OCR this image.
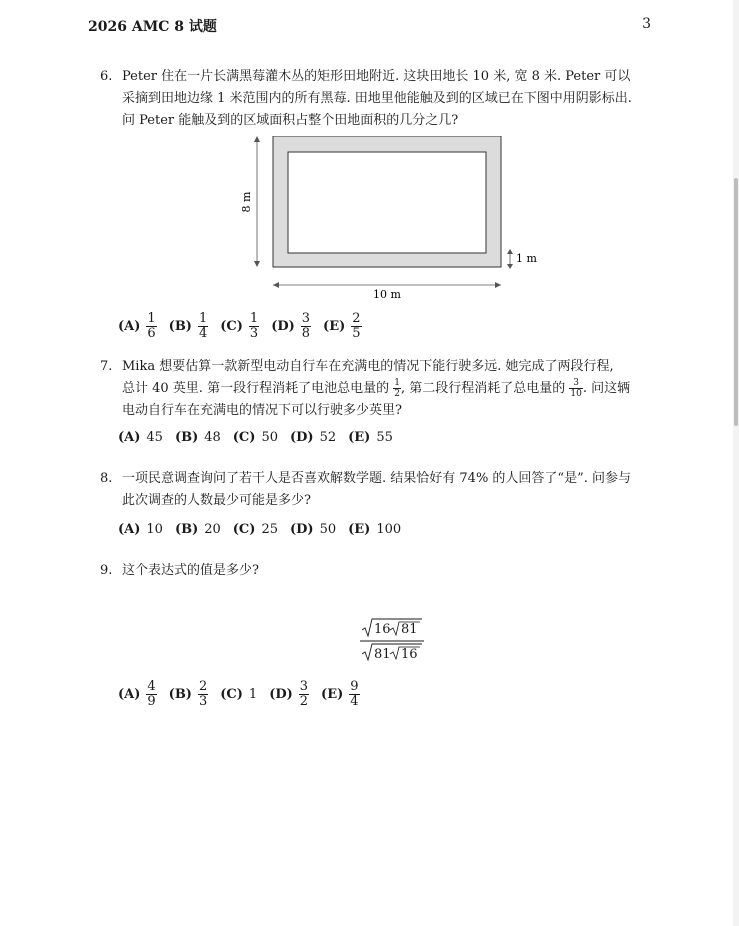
2026 AMC 8 试题	3
6. Peter 住在一片长满黑莓灌木丛的矩形田地附近. 这块田地长 10 米, 宽 8 米. Peter 可以
采摘到田地边缘 1 米范围内的所有黑莓. 田地里他能触及到的区域已在下图中用阴影标出.
问 Peter 能触及到的区域面积占整个田地面积的几分之几?
8 m
10 m
1 m
$(A) \frac{1}{6} (B) \frac{1}{4} (C) \frac{1}{3} (D) \frac{3}{8} (E) \frac{2}{5}$
7. Mika 想要估算一款新型电动自行车在充满电的情况下能行驶多远. 她完成了两段行程,
总计 40 英里. 第一段行程消耗了电池总电量的 $\frac{1}{2}$ , 第二段行程消耗了总电量的 $\frac{3}{10}$ . 问这辆
电动自行车在充满电的情况下可以行驶多少英里?
(A) 45 (B) 48 (C) 50 (D) 52 (E) 55
8. 一项民意调查询问了若干人是否喜欢解数学题. 结果恰好有 74% 的人回答了“是”. 问参与
此次调查的人数最少可能是多少?
(A) 10 (B) 20 (C) 25 (D) 50 (E) 100
9. 这个表达式的值是多少?
16 81
81 16
$(A) \frac{4}{9} (B) \frac{2}{3} (C)$ 1 $(D) \frac{3}{2} (E) \frac{9}{4}$
